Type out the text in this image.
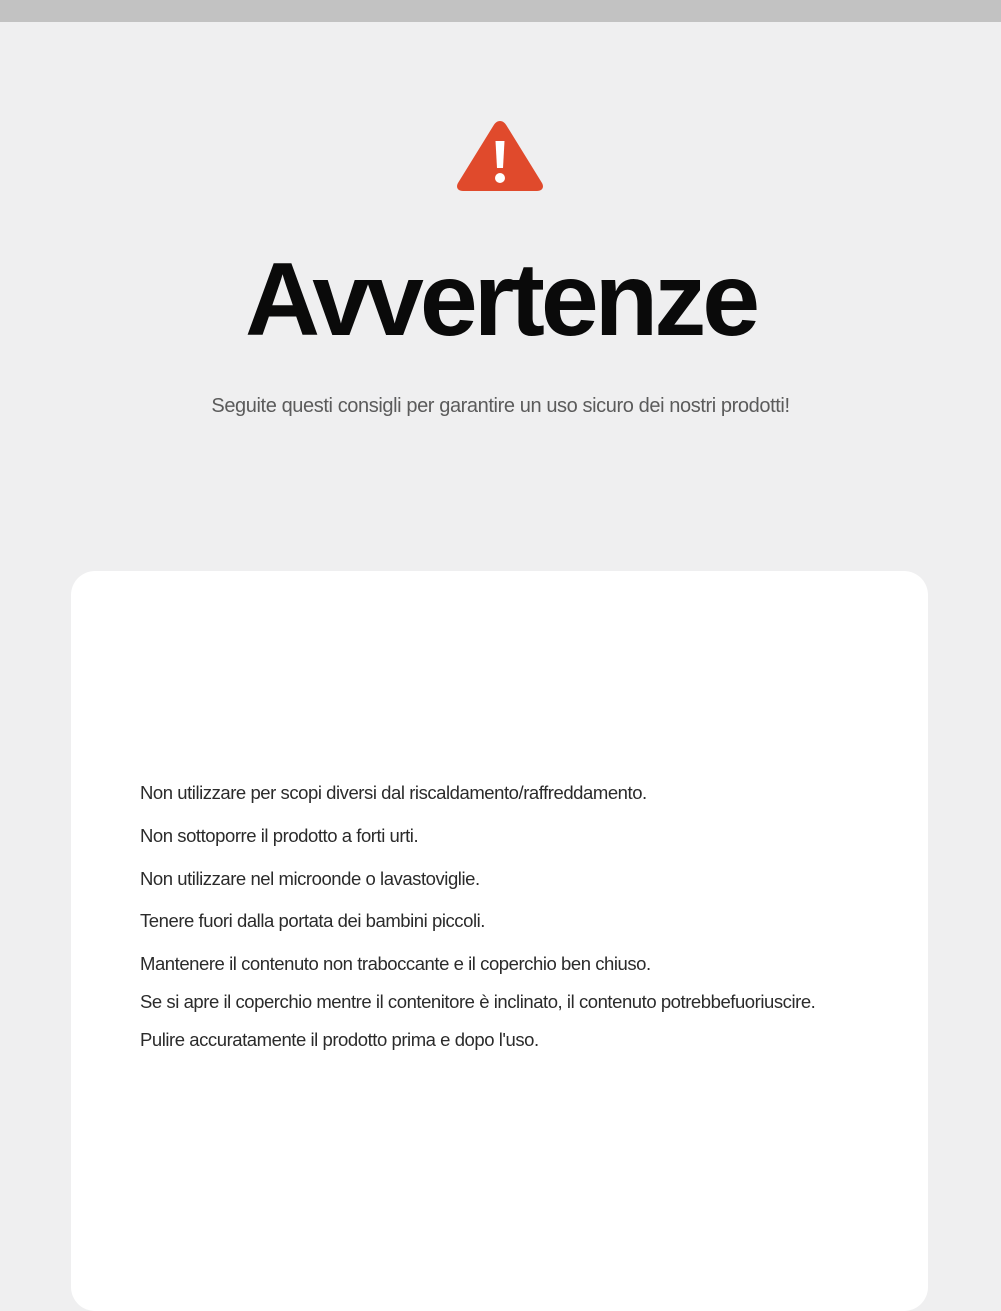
Avvertenze
Seguite questi consigli per garantire un uso sicuro dei nostri prodotti!
Non utilizzare per scopi diversi dal riscaldamento/raffreddamento.
Non sottoporre il prodotto a forti urti.
Non utilizzare nel microonde o lavastoviglie.
Tenere fuori dalla portata dei bambini piccoli.
Mantenere il contenuto non traboccante e il coperchio ben chiuso.
Se si apre il coperchio mentre il contenitore è inclinato, il contenuto potrebbefuoriuscire.
Pulire accuratamente il prodotto prima e dopo l'uso.
